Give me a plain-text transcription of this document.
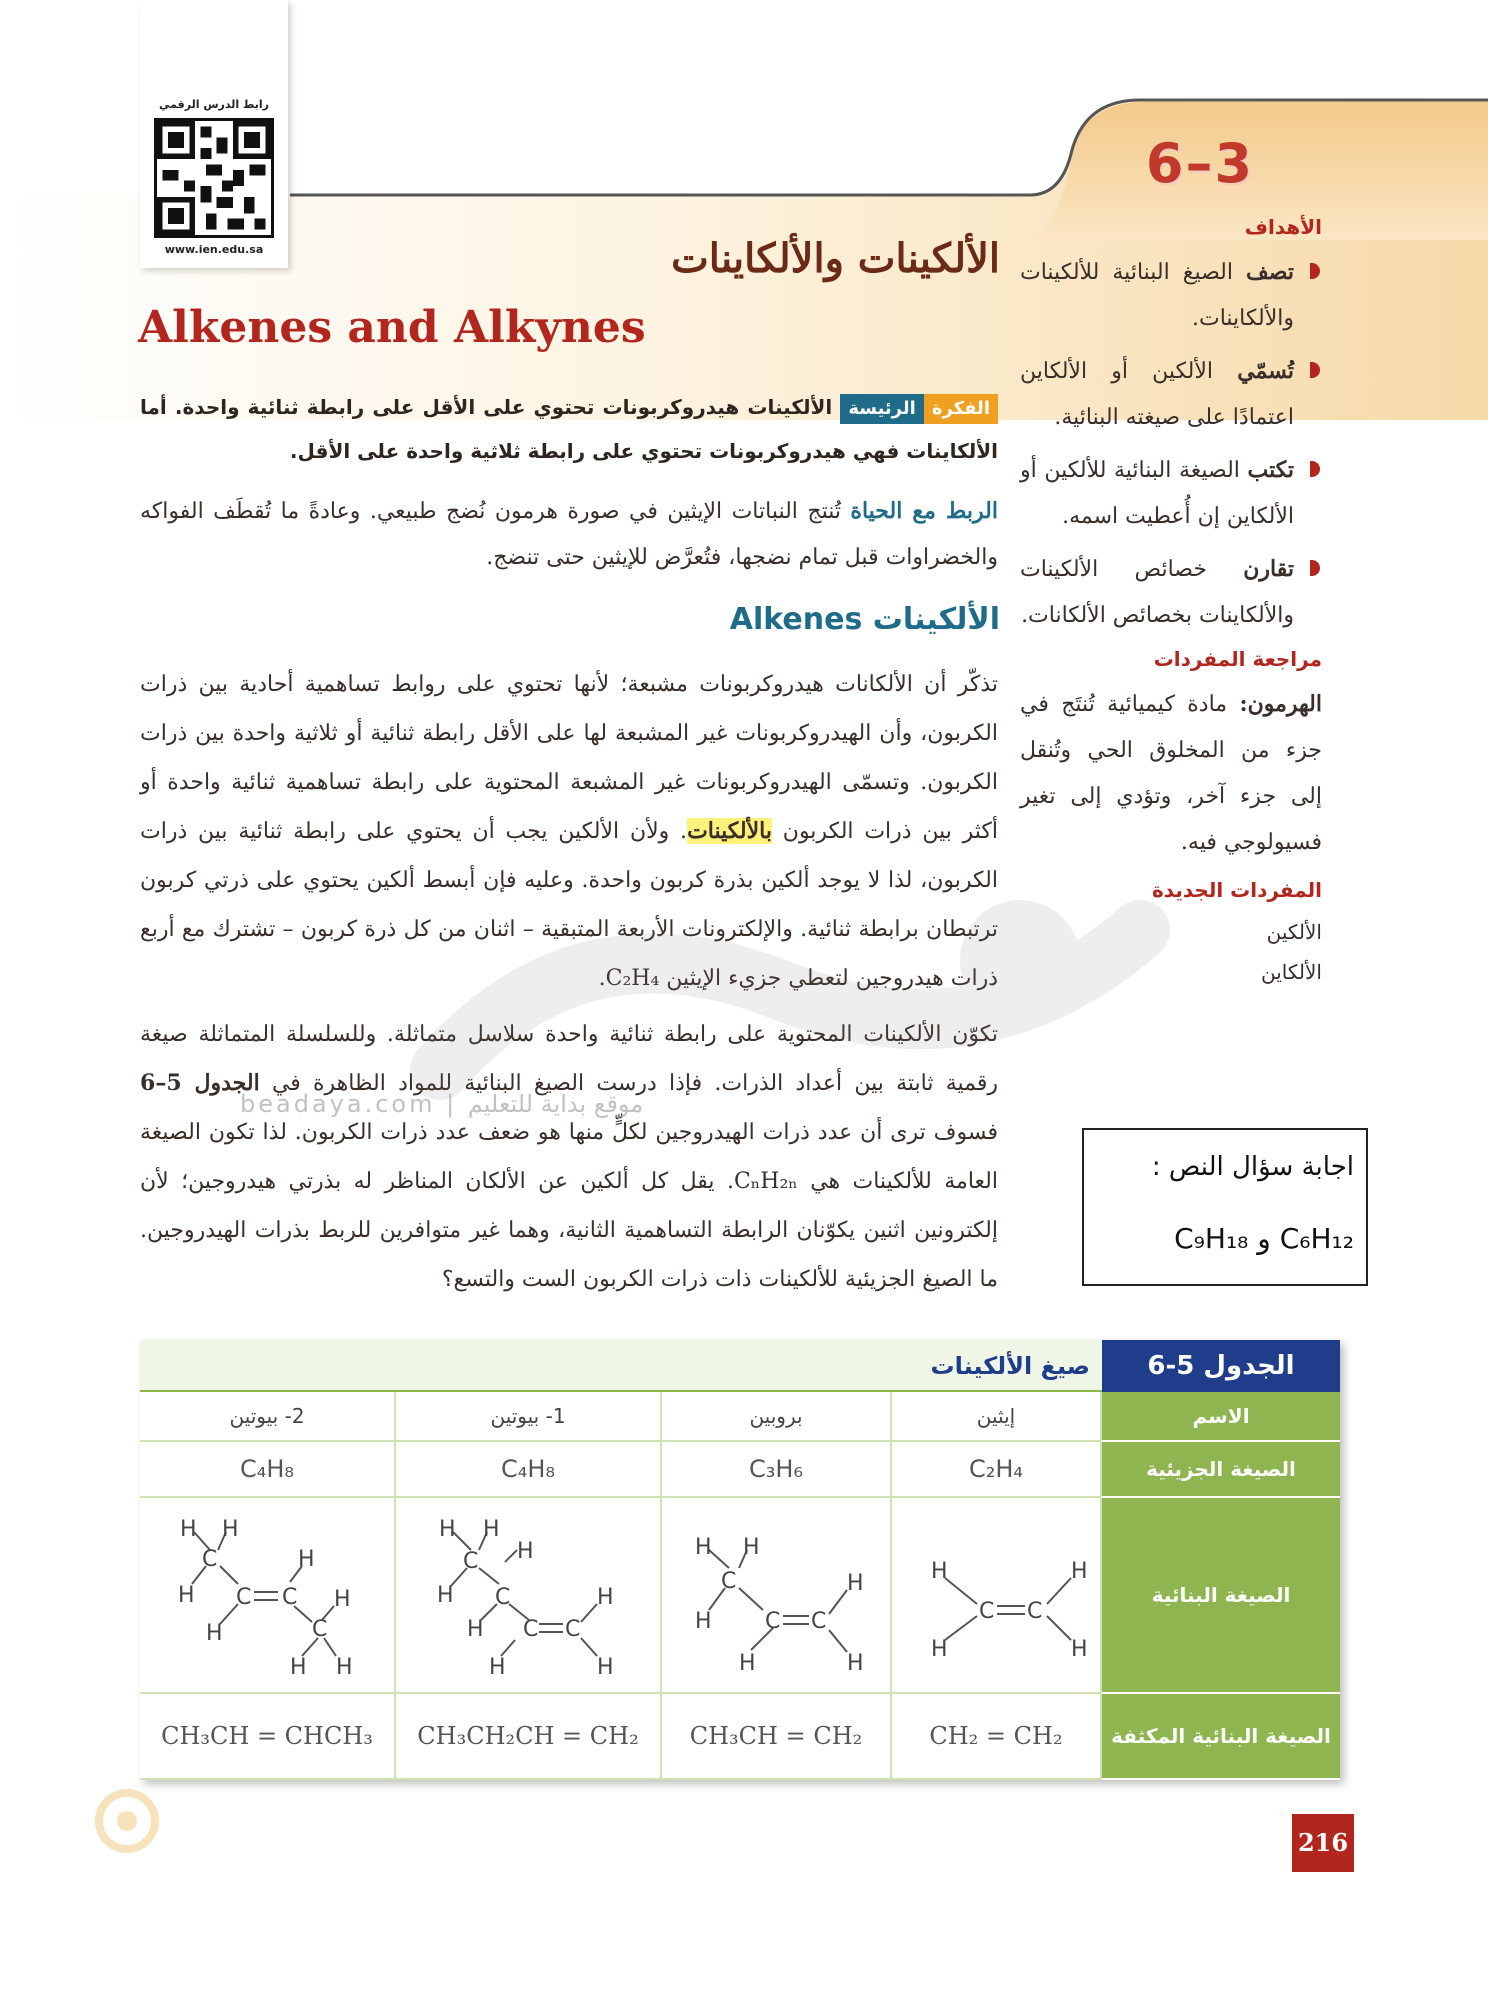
رابط الدرس الرقمي
www.ien.edu.sa
6–3
الألكينات والألكاينات
Alkenes and Alkynes
الفكرةالرئيسة الألكينات هيدروكربونات تحتوي على الأقل على رابطة ثنائية واحدة. أما الألكاينات فهي هيدروكربونات تحتوي على رابطة ثلاثية واحدة على الأقل.
الربط مع الحياة تُنتج النباتات الإيثين في صورة هرمون نُضج طبيعي. وعادةً ما تُقطَف الفواكه والخضراوات قبل تمام نضجها، فتُعرَّض للإيثين حتى تنضج.
الألكينات Alkenes
تذكّر أن الألكانات هيدروكربونات مشبعة؛ لأنها تحتوي على روابط تساهمية أحادية بين ذرات الكربون، وأن الهيدروكربونات غير المشبعة لها على الأقل رابطة ثنائية أو ثلاثية واحدة بين ذرات الكربون. وتسمّى الهيدروكربونات غير المشبعة المحتوية على رابطة تساهمية ثنائية واحدة أو أكثر بين ذرات الكربون بالألكينات. ولأن الألكين يجب أن يحتوي على رابطة ثنائية بين ذرات الكربون، لذا لا يوجد ألكين بذرة كربون واحدة. وعليه فإن أبسط ألكين يحتوي على ذرتي كربون ترتبطان برابطة ثنائية. والإلكترونات الأربعة المتبقية – اثنان من كل ذرة كربون – تشترك مع أربع ذرات هيدروجين لتعطي جزيء الإيثين C₂H₄.
تكوّن الألكينات المحتوية على رابطة ثنائية واحدة سلاسل متماثلة. وللسلسلة المتماثلة صيغة رقمية ثابتة بين أعداد الذرات. فإذا درست الصيغ البنائية للمواد الظاهرة في الجدول 5–6 فسوف ترى أن عدد ذرات الهيدروجين لكلٍّ منها هو ضعف عدد ذرات الكربون. لذا تكون الصيغة العامة للألكينات هي CₙH₂ₙ. يقل كل ألكين عن الألكان المناظر له بذرتي هيدروجين؛ لأن إلكترونين اثنين يكوّنان الرابطة التساهمية الثانية، وهما غير متوافرين للربط بذرات الهيدروجين. ما الصيغ الجزيئية للألكينات ذات ذرات الكربون الست والتسع؟
الأهداف
تصف الصيغ البنائية للألكينات والألكاينات.
تُسمّي الألكين أو الألكاين اعتمادًا على صيغته البنائية.
تكتب الصيغة البنائية للألكين أو الألكاين إن أُعطيت اسمه.
تقارن خصائص الألكينات والألكاينات بخصائص الألكانات.
مراجعة المفردات
الهرمون: مادة كيميائية تُنتَج في جزء من المخلوق الحي وتُنقل إلى جزء آخر، وتؤدي إلى تغير فسيولوجي فيه.
المفردات الجديدة
الألكين
الألكاين
beadaya.com | موقع بداية للتعليم
اجابة سؤال النص :
C₆H₁₂ و C₉H₁₈
صيغ الألكينات	الجدول 5-6
الاسم
الصيغة الجزيئية
الصيغة البنائية
الصيغة البنائية المكثفة
إيثين
C₂H₄
H
H
C C
H
H
CH₂ = CH₂
بروبين
C₃H₆
H H
C
H C
H
C
H
H
CH₃CH = CH₂
1- بيوتين
C₄H₈
H H
C
H
H
C
H C
H
C
H
H
CH₃CH₂CH = CH₂
2- بيوتين
C₄H₈
H H
C
H C C
H
H	C
H
H H
CH₃CH = CHCH₃
216
